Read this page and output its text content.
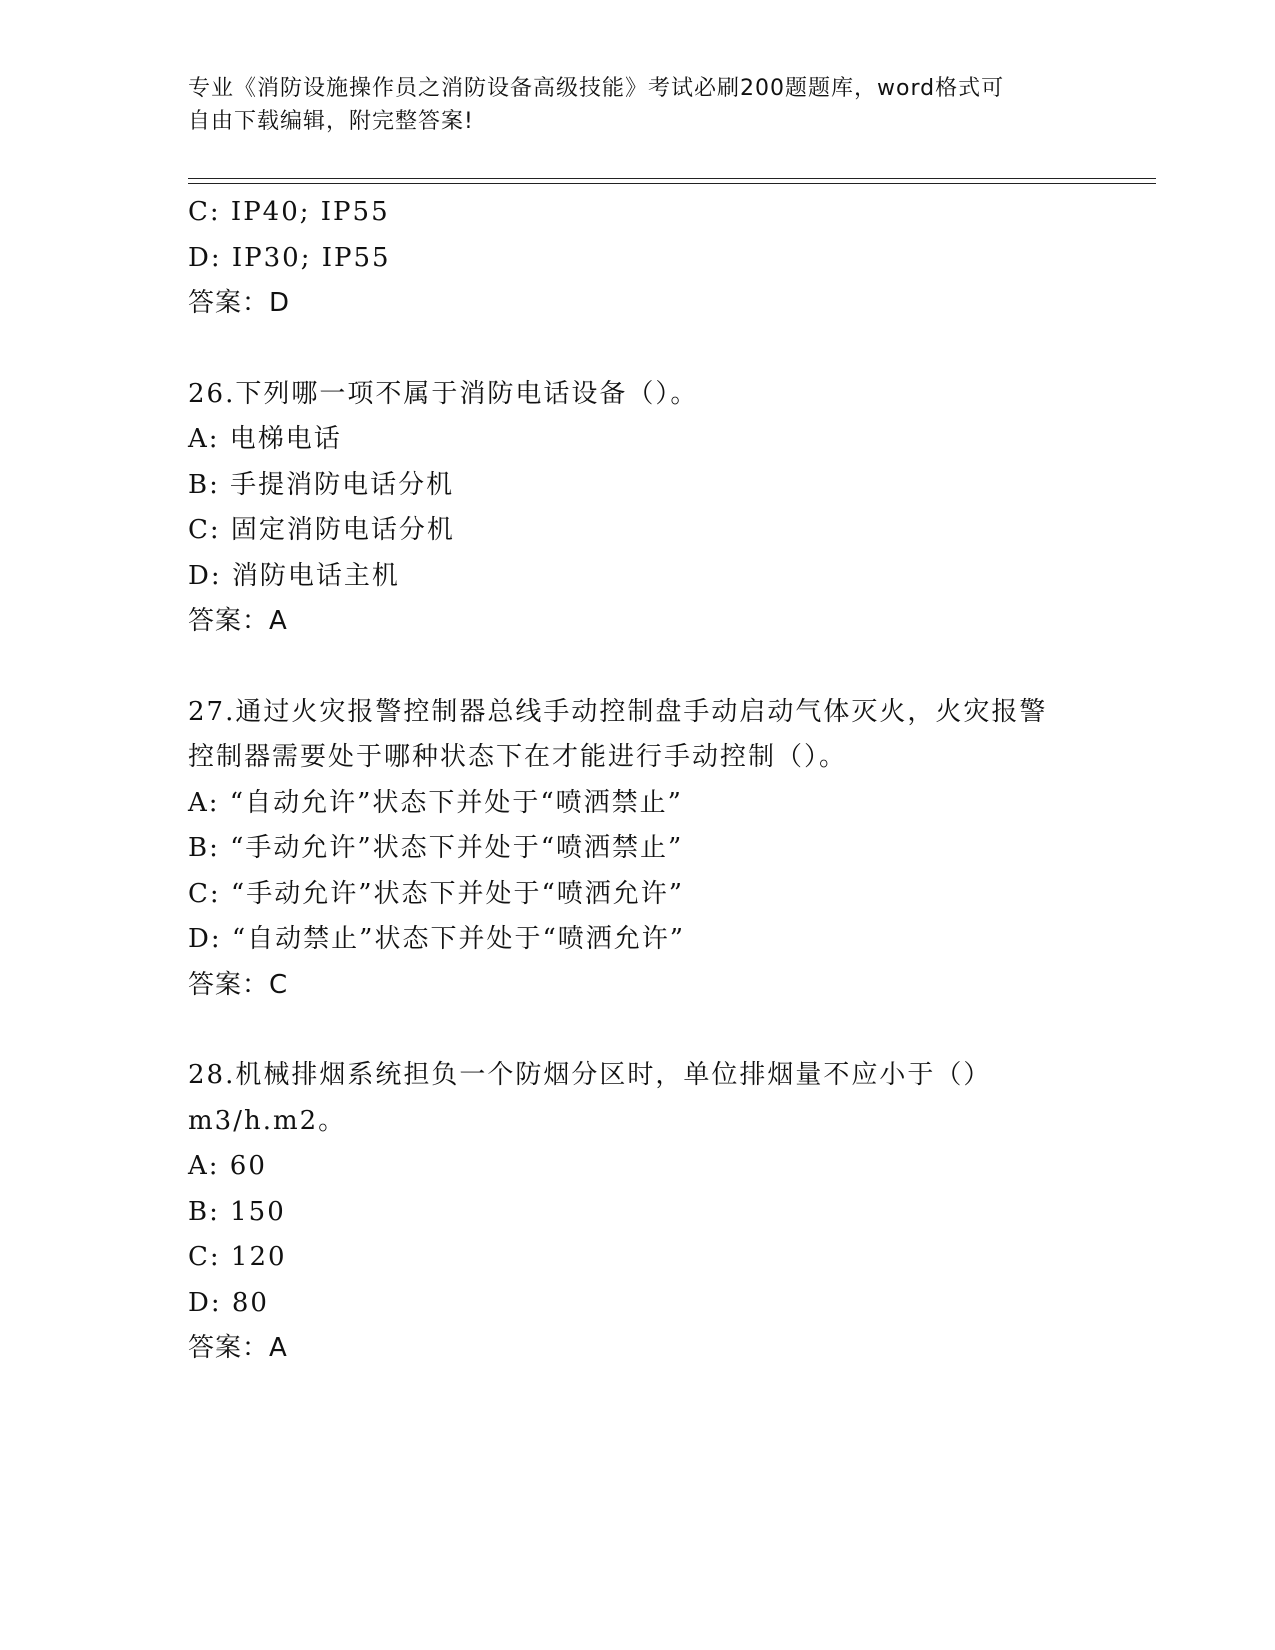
专业《消防设施操作员之消防设备高级技能》考试必刷200题题库，word格式可
自由下载编辑，附完整答案!
C: IP40; IP55
D: IP30; IP55
答案：D
26.下列哪一项不属于消防电话设备（）。
A: 电梯电话
B: 手提消防电话分机
C: 固定消防电话分机
D: 消防电话主机
答案：A
27.通过火灾报警控制器总线手动控制盘手动启动气体灭火，火灾报警
控制器需要处于哪种状态下在才能进行手动控制（）。
A: “自动允许”状态下并处于“喷洒禁止”
B: “手动允许”状态下并处于“喷洒禁止”
C: “手动允许”状态下并处于“喷洒允许”
D: “自动禁止”状态下并处于“喷洒允许”
答案：C
28.机械排烟系统担负一个防烟分区时，单位排烟量不应小于（）
m3/h.m2。
A: 60
B: 150
C: 120
D: 80
答案：A
